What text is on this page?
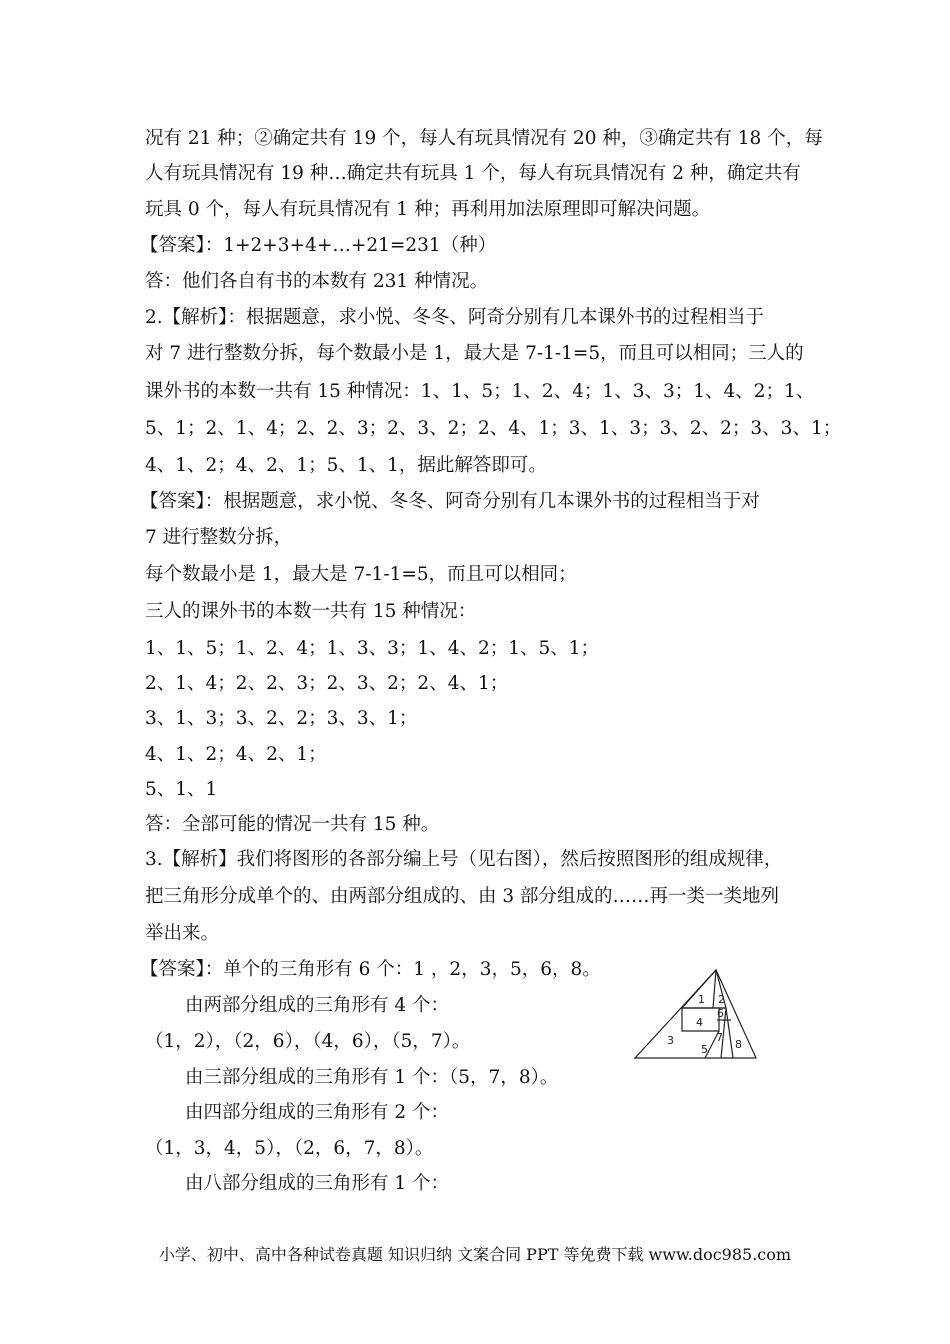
况有 21 种；②确定共有 19 个，每人有玩具情况有 20 种，③确定共有 18 个，每
人有玩具情况有 19 种…确定共有玩具 1 个，每人有玩具情况有 2 种，确定共有
玩具 0 个，每人有玩具情况有 1 种；再利用加法原理即可解决问题。
【答案】：1+2+3+4+…+21=231（种）
答：他们各自有书的本数有 231 种情况。
2.【解析】：根据题意，求小悦、冬冬、阿奇分别有几本课外书的过程相当于
对 7 进行整数分拆，每个数最小是 1，最大是 7-1-1=5，而且可以相同；三人的
课外书的本数一共有 15 种情况：1、1、5；1、2、4；1、3、3；1、4、2；1、
5、1；2、1、4；2、2、3；2、3、2；2、4、1；3、1、3；3、2、2；3、3、1；
4、1、2；4、2、1；5、1、1，据此解答即可。
【答案】：根据题意，求小悦、冬冬、阿奇分别有几本课外书的过程相当于对
7 进行整数分拆，
每个数最小是 1，最大是 7-1-1=5，而且可以相同；
三人的课外书的本数一共有 15 种情况：
1、1、5；1、2、4；1、3、3；1、4、2；1、5、1；
2、1、4；2、2、3；2、3、2；2、4、1；
3、1、3；3、2、2；3、3、1；
4、1、2；4、2、1；
5、1、1
答：全部可能的情况一共有 15 种。
3.【解析】我们将图形的各部分编上号（见右图），然后按照图形的组成规律，
把三角形分成单个的、由两部分组成的、由 3 部分组成的……再一类一类地列
举出来。
【答案】：单个的三角形有 6 个：1 ，2，3，5，6，8。
由两部分组成的三角形有 4 个：
（1，2），（2，6），（4，6），（5，7）。
由三部分组成的三角形有 1 个：（5，7，8）。
由四部分组成的三角形有 2 个：
（1，3，4，5），（2，6，7，8）。
由八部分组成的三角形有 1 个：
1 2
3
4
5
6
7
8
小学、初中、高中各种试卷真题 知识归纳 文案合同 PPT 等免费下载 www.doc985.com
